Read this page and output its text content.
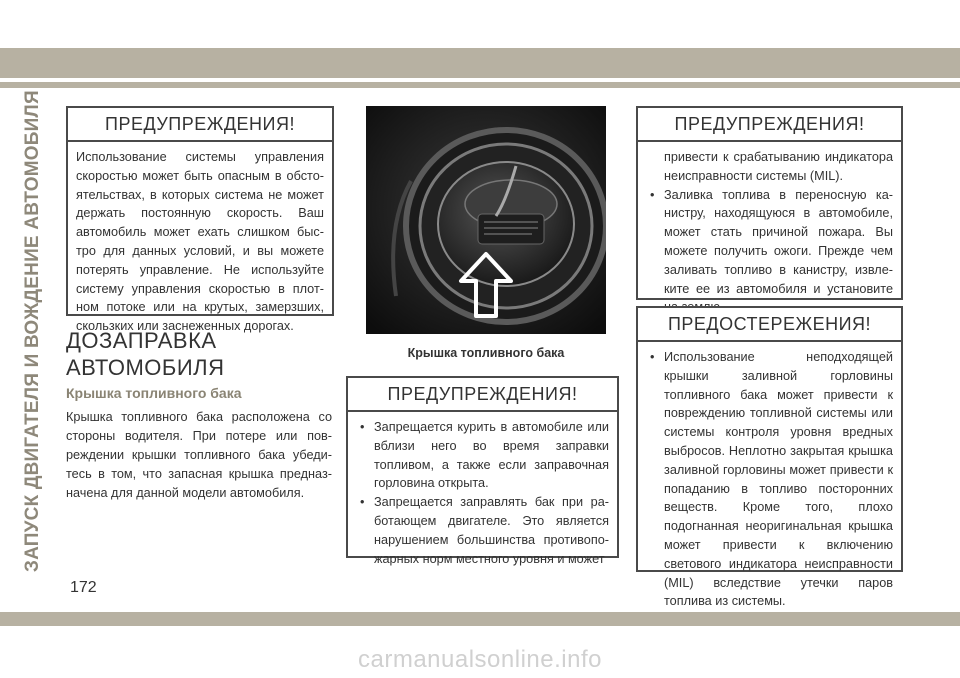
ЗАПУСК ДВИГАТЕЛЯ И ВОЖДЕНИЕ АВТОМОБИЛЯ	ПРЕДУПРЕЖДЕНИЯ!
Использование системы управления скоростью может быть опасным в обстоятельствах, в которых система не может держать постоянную скорость. Ваш автомобиль может ехать слишком быстро для данных условий, и вы можете потерять управление. Не используйте систему управления скоростью в плотном потоке или на крутых, замерзших, скользких или заснеженных дорогах.
ДОЗАПРАВКА
АВТОМОБИЛЯ
Крышка топливного бака
Крышка топливного бака расположена со стороны водителя. При потере или повреждении крышки топливного бака убедитесь в том, что запасная крышка предназначена для данной модели автомобиля.
Крышка топливного бака
ПРЕДУПРЕЖДЕНИЯ!
• Запрещается курить в автомобиле или вблизи него во время заправки топливом, а также если заправочная горловина открыта.
• Запрещается заправлять бак при работающем двигателе. Это является нарушением большинства противопожарных норм местного уровня и может
ПРЕДУПРЕЖДЕНИЯ!
привести к срабатыванию индикатора неисправности системы (MIL).
• Заливка топлива в переносную канистру, находящуюся в автомобиле, может стать причиной пожара. Вы можете получить ожоги. Прежде чем заливать топливо в канистру, извлеките ее из автомобиля и установите
ПРЕДОСТЕРЕЖЕНИЯ!
• Использование неподходящей крышки заливной горловины топливного бака может привести к повреждению топливной системы или системы контроля уровня вредных выбросов. Неплотно закрытая крышка заливной горловины может привести к попаданию в топливо посторонних веществ. Кроме того, плохо подогнанная неоригинальная крышка может привести к включению светового индикатора неисправности (MIL) вследствие утечки паров топлива из системы.
172
carmanualsonline.info
